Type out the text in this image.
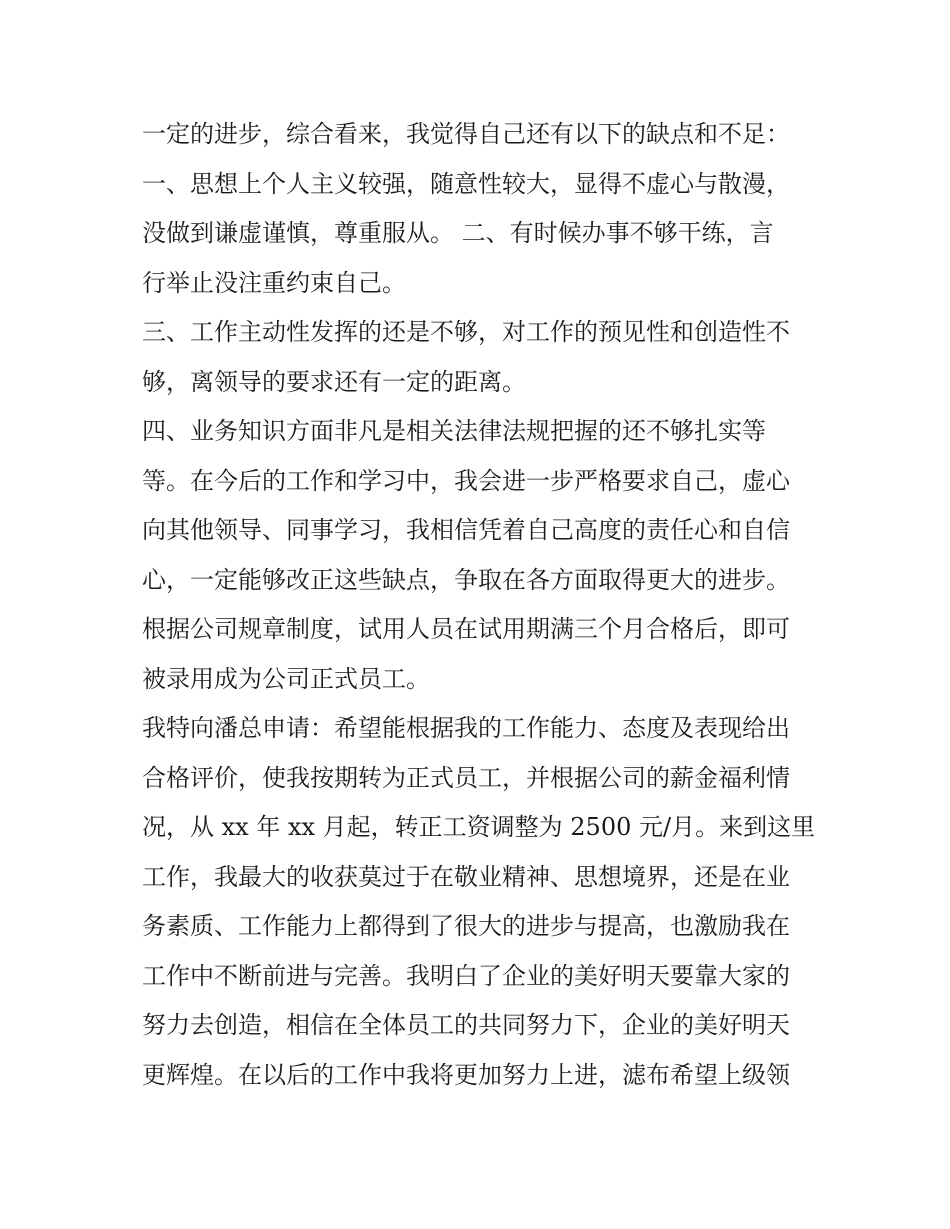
一定的进步，综合看来，我觉得自己还有以下的缺点和不足：
一、思想上个人主义较强，随意性较大，显得不虚心与散漫，
没做到谦虚谨慎，尊重服从。 二、有时候办事不够干练，言
行举止没注重约束自己。
三、工作主动性发挥的还是不够，对工作的预见性和创造性不
够，离领导的要求还有一定的距离。
四、业务知识方面非凡是相关法律法规把握的还不够扎实等
等。在今后的工作和学习中，我会进一步严格要求自己，虚心
向其他领导、同事学习，我相信凭着自己高度的责任心和自信
心，一定能够改正这些缺点，争取在各方面取得更大的进步。
根据公司规章制度，试用人员在试用期满三个月合格后，即可
被录用成为公司正式员工。
我特向潘总申请：希望能根据我的工作能力、态度及表现给出
合格评价，使我按期转为正式员工，并根据公司的薪金福利情
况，从 xx 年 xx 月起，转正工资调整为 2500 元/月。来到这里
工作，我最大的收获莫过于在敬业精神、思想境界，还是在业
务素质、工作能力上都得到了很大的进步与提高，也激励我在
工作中不断前进与完善。我明白了企业的美好明天要靠大家的
努力去创造，相信在全体员工的共同努力下，企业的美好明天
更辉煌。在以后的工作中我将更加努力上进，滤布希望上级领
